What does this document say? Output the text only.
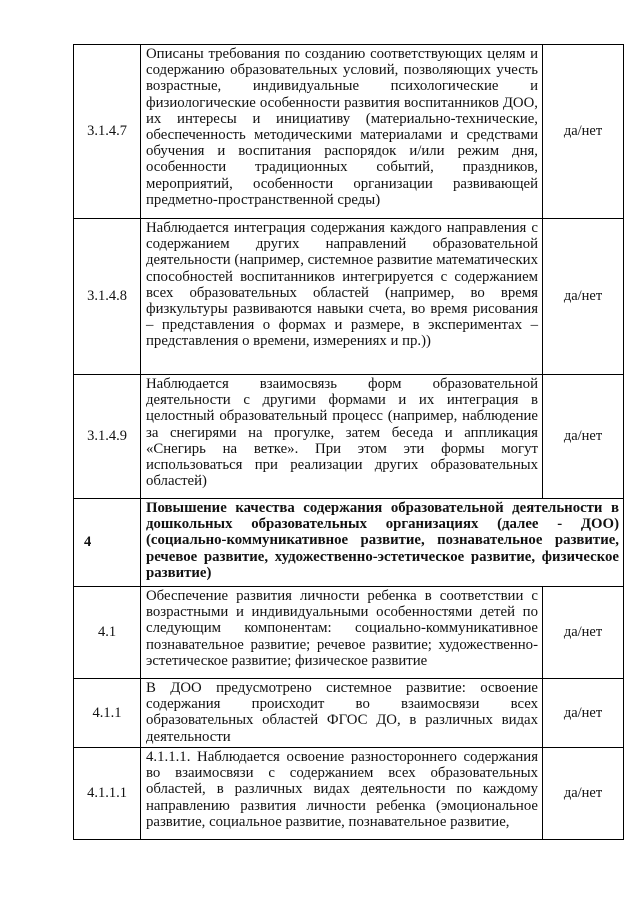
3.1.4.7	Описаны требования по созданию соответствующих целям и содержанию образовательных условий, позволяющих учесть возрастные, индивидуальные психологические и физиологические особенности развития воспитанников ДОО, их интересы и инициативу (материально-технические, обеспеченность методическими материалами и средствами обучения и воспитания распорядок и/или режим дня, особенности традиционных событий, праздников, мероприятий, особенности организации развивающей предметно-пространственной среды)	да/нет

3.1.4.8	Наблюдается интеграция содержания каждого направления с содержанием других направлений образовательной деятельности (например, системное развитие математических способностей воспитанников интегрируется с содержанием всех образовательных областей (например, во время физкультуры развиваются навыки счета, во время рисования – представления о формах и размере, в экспериментах – представления о времени, измерениях и пр.))	да/нет

3.1.4.9	Наблюдается взаимосвязь форм образовательной деятельности с другими формами и их интеграция в целостный образовательный процесс (например, наблюдение за снегирями на прогулке, затем беседа и аппликация «Снегирь на ветке». При этом эти формы могут использоваться при реализации других образовательных областей)	да/нет

4	Повышение качества содержания образовательной деятельности в дошкольных образовательных организациях (далее - ДОО) (социально-коммуникативное развитие, познавательное развитие, речевое развитие, художественно-эстетическое развитие, физическое развитие)	

4.1	Обеспечение развития личности ребенка в соответствии с возрастными и индивидуальными особенностями детей по следующим компонентам: социально-коммуникативное познавательное развитие; речевое развитие; художественно-эстетическое развитие; физическое развитие	да/нет

4.1.1	В ДОО предусмотрено системное развитие: освоение содержания происходит во взаимосвязи всех образовательных областей ФГОС ДО, в различных видах деятельности	да/нет

4.1.1.1	4.1.1.1. Наблюдается освоение разностороннего содержания во взаимосвязи с содержанием всех образовательных областей, в различных видах деятельности по каждому направлению развития личности ребенка (эмоциональное развитие, социальное развитие, познавательное развитие,	да/нет
